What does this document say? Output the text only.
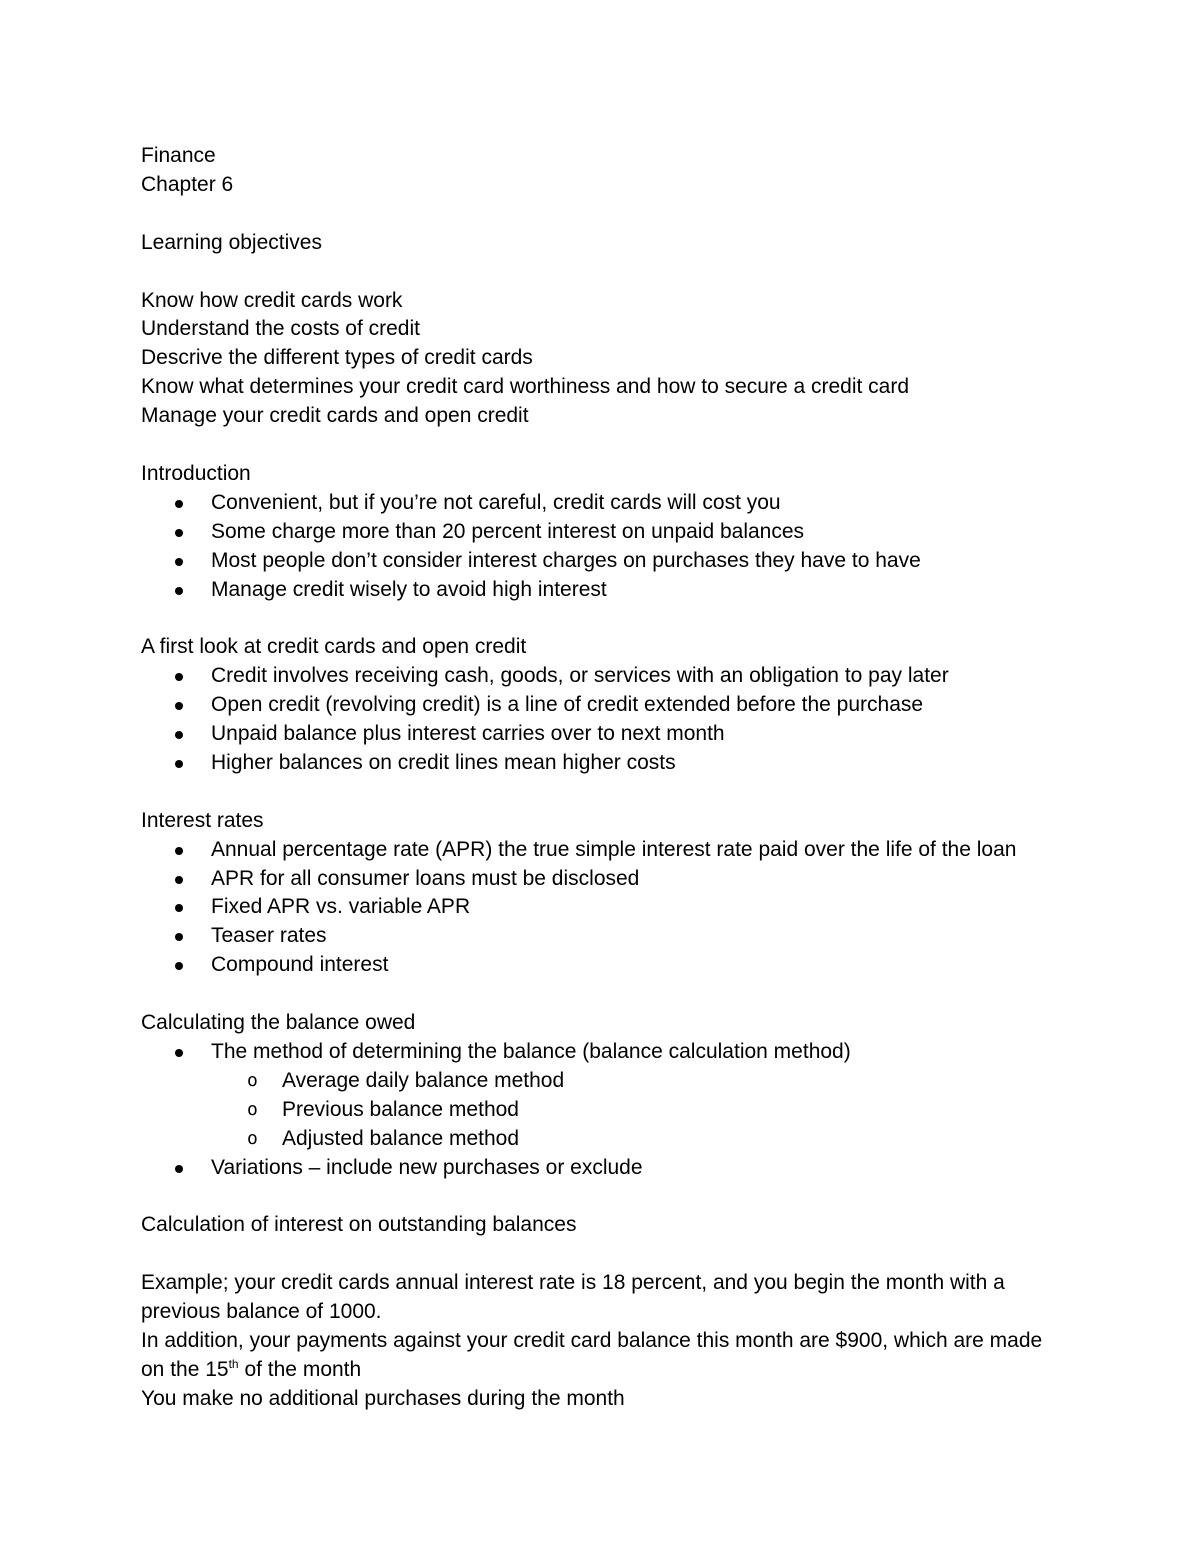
Finance

Chapter 6

Learning objectives

Know how credit cards work

Understand the costs of credit

Descrive the different types of credit cards

Know what determines your credit card worthiness and how to secure a credit card

Manage your credit cards and open credit

Introduction

Convenient, but if you’re not careful, credit cards will cost you
Some charge more than 20 percent interest on unpaid balances
Most people don’t consider interest charges on purchases they have to have
Manage credit wisely to avoid high interest

A first look at credit cards and open credit

Credit involves receiving cash, goods, or services with an obligation to pay later
Open credit (revolving credit) is a line of credit extended before the purchase
Unpaid balance plus interest carries over to next month
Higher balances on credit lines mean higher costs

Interest rates

Annual percentage rate (APR) the true simple interest rate paid over the life of the loan
APR for all consumer loans must be disclosed
Fixed APR vs. variable APR
Teaser rates
Compound interest

Calculating the balance owed

The method of determining the balance (balance calculation method)
o Average daily balance method
o Previous balance method
o Adjusted balance method
Variations – include new purchases or exclude

Calculation of interest on outstanding balances

Example; your credit cards annual interest rate is 18 percent, and you begin the month with a previous balance of 1000.

In addition, your payments against your credit card balance this month are $900, which are made on the 15th of the month

You make no additional purchases during the month
